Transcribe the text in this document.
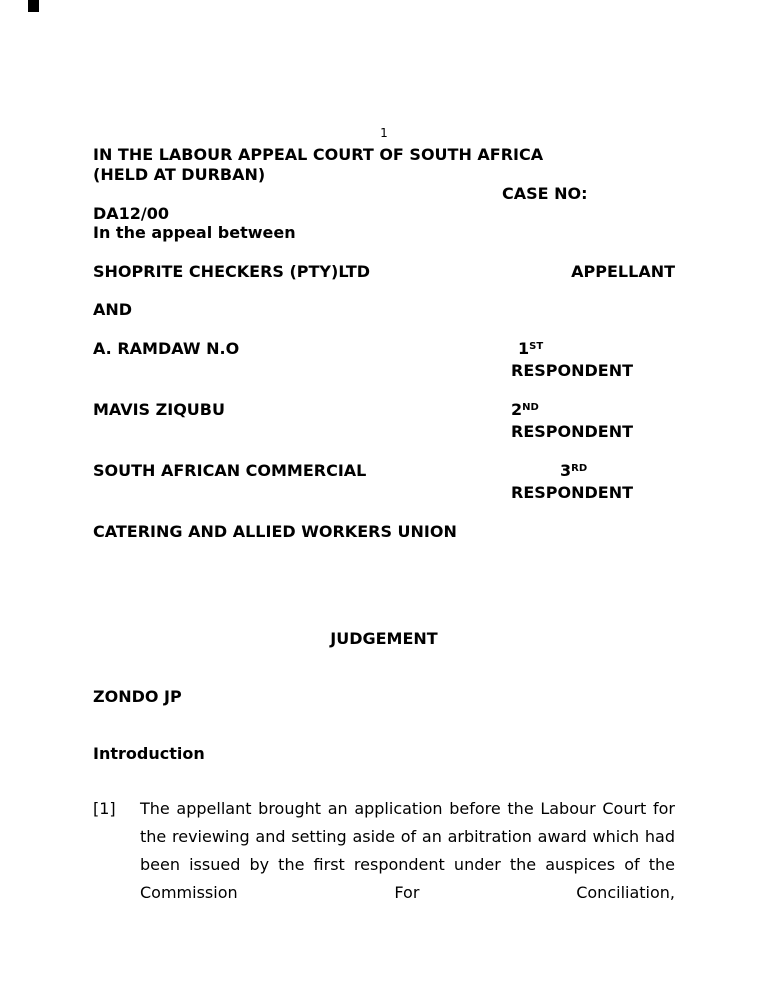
1
IN THE LABOUR APPEAL COURT OF SOUTH AFRICA
(HELD AT DURBAN)
CASE NO:
DA12/00
In the appeal between
SHOPRITE CHECKERS (PTY)LTD	APPELLANT
AND
A. RAMDAW N.O	1ST
RESPONDENT
MAVIS ZIQUBU	2ND
RESPONDENT
SOUTH AFRICAN COMMERCIAL	3RD
RESPONDENT
CATERING AND ALLIED WORKERS UNION
JUDGEMENT
ZONDO JP
Introduction
[1] The appellant brought an application before the Labour Court for the reviewing and setting aside of an arbitration award which had been issued by the first respondent under the auspices of the Commission For Conciliation,
